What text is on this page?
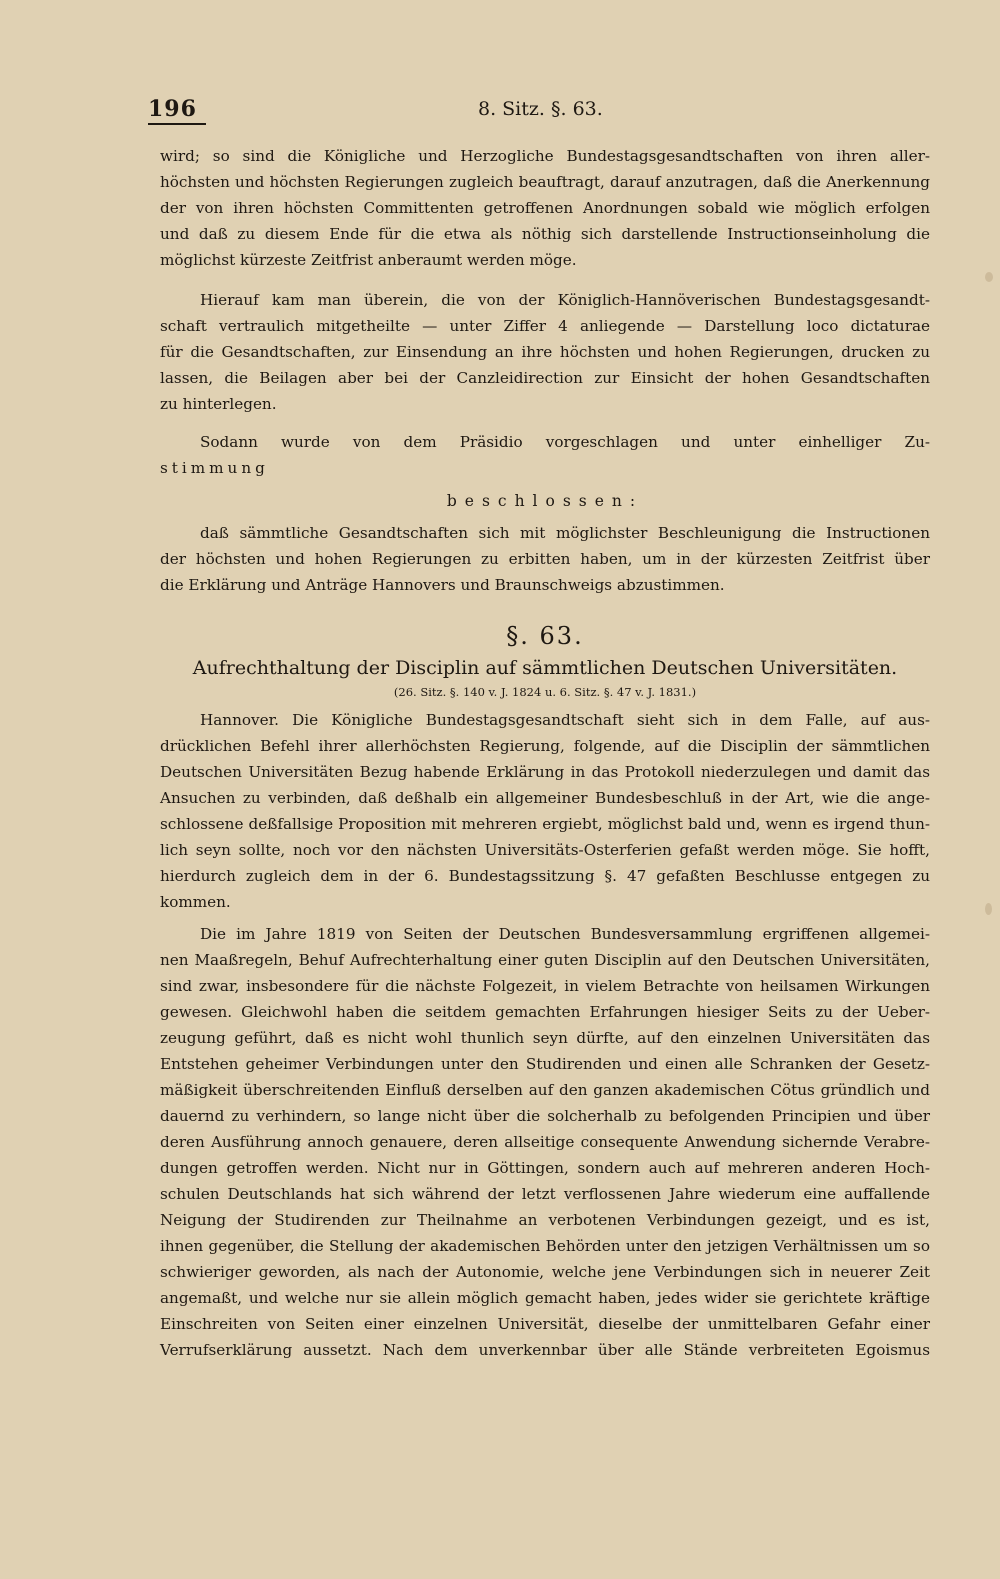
196	8. Sitz. §. 63.
wird; so sind die Königliche und Herzogliche Bundestagsgesandtschaften von ihren aller-
höchsten und höchsten Regierungen zugleich beauftragt, darauf anzutragen, daß die Anerkennung
der von ihren höchsten Committenten getroffenen Anordnungen sobald wie möglich erfolgen
und daß zu diesem Ende für die etwa als nöthig sich darstellende Instructionseinholung die
möglichst kürzeste Zeitfrist anberaumt werden möge.
Hierauf kam man überein, die von der Königlich-Hannöverischen Bundestagsgesandt-
schaft vertraulich mitgetheilte — unter Ziffer 4 anliegende — Darstellung loco dictaturae
für die Gesandtschaften, zur Einsendung an ihre höchsten und hohen Regierungen, drucken zu
lassen, die Beilagen aber bei der Canzleidirection zur Einsicht der hohen Gesandtschaften
zu hinterlegen.
Sodann wurde von dem Präsidio vorgeschlagen und unter einhelliger Zu-
stimmung
beschlossen:
daß sämmtliche Gesandtschaften sich mit möglichster Beschleunigung die Instructionen
der höchsten und hohen Regierungen zu erbitten haben, um in der kürzesten Zeitfrist über
die Erklärung und Anträge Hannovers und Braunschweigs abzustimmen.
§. 63.
Aufrechthaltung der Disciplin auf sämmtlichen Deutschen Universitäten.
(26. Sitz. §. 140 v. J. 1824 u. 6. Sitz. §. 47 v. J. 1831.)
Hannover. Die Königliche Bundestagsgesandtschaft sieht sich in dem Falle, auf aus-
drücklichen Befehl ihrer allerhöchsten Regierung, folgende, auf die Disciplin der sämmtlichen
Deutschen Universitäten Bezug habende Erklärung in das Protokoll niederzulegen und damit das
Ansuchen zu verbinden, daß deßhalb ein allgemeiner Bundesbeschluß in der Art, wie die ange-
schlossene deßfallsige Proposition mit mehreren ergiebt, möglichst bald und, wenn es irgend thun-
lich seyn sollte, noch vor den nächsten Universitäts-Osterferien gefaßt werden möge. Sie hofft,
hierdurch zugleich dem in der 6. Bundestagssitzung §. 47 gefaßten Beschlusse entgegen zu
kommen.
Die im Jahre 1819 von Seiten der Deutschen Bundesversammlung ergriffenen allgemei-
nen Maaßregeln, Behuf Aufrechterhaltung einer guten Disciplin auf den Deutschen Universitäten,
sind zwar, insbesondere für die nächste Folgezeit, in vielem Betrachte von heilsamen Wirkungen
gewesen. Gleichwohl haben die seitdem gemachten Erfahrungen hiesiger Seits zu der Ueber-
zeugung geführt, daß es nicht wohl thunlich seyn dürfte, auf den einzelnen Universitäten das
Entstehen geheimer Verbindungen unter den Studirenden und einen alle Schranken der Gesetz-
mäßigkeit überschreitenden Einfluß derselben auf den ganzen akademischen Cötus gründlich und
dauernd zu verhindern, so lange nicht über die solcherhalb zu befolgenden Principien und über
deren Ausführung annoch genauere, deren allseitige consequente Anwendung sichernde Verabre-
dungen getroffen werden. Nicht nur in Göttingen, sondern auch auf mehreren anderen Hoch-
schulen Deutschlands hat sich während der letzt verflossenen Jahre wiederum eine auffallende
Neigung der Studirenden zur Theilnahme an verbotenen Verbindungen gezeigt, und es ist,
ihnen gegenüber, die Stellung der akademischen Behörden unter den jetzigen Verhältnissen um so
schwieriger geworden, als nach der Autonomie, welche jene Verbindungen sich in neuerer Zeit
angemaßt, und welche nur sie allein möglich gemacht haben, jedes wider sie gerichtete kräftige
Einschreiten von Seiten einer einzelnen Universität, dieselbe der unmittelbaren Gefahr einer
Verrufserklärung aussetzt. Nach dem unverkennbar über alle Stände verbreiteten Egoismus
